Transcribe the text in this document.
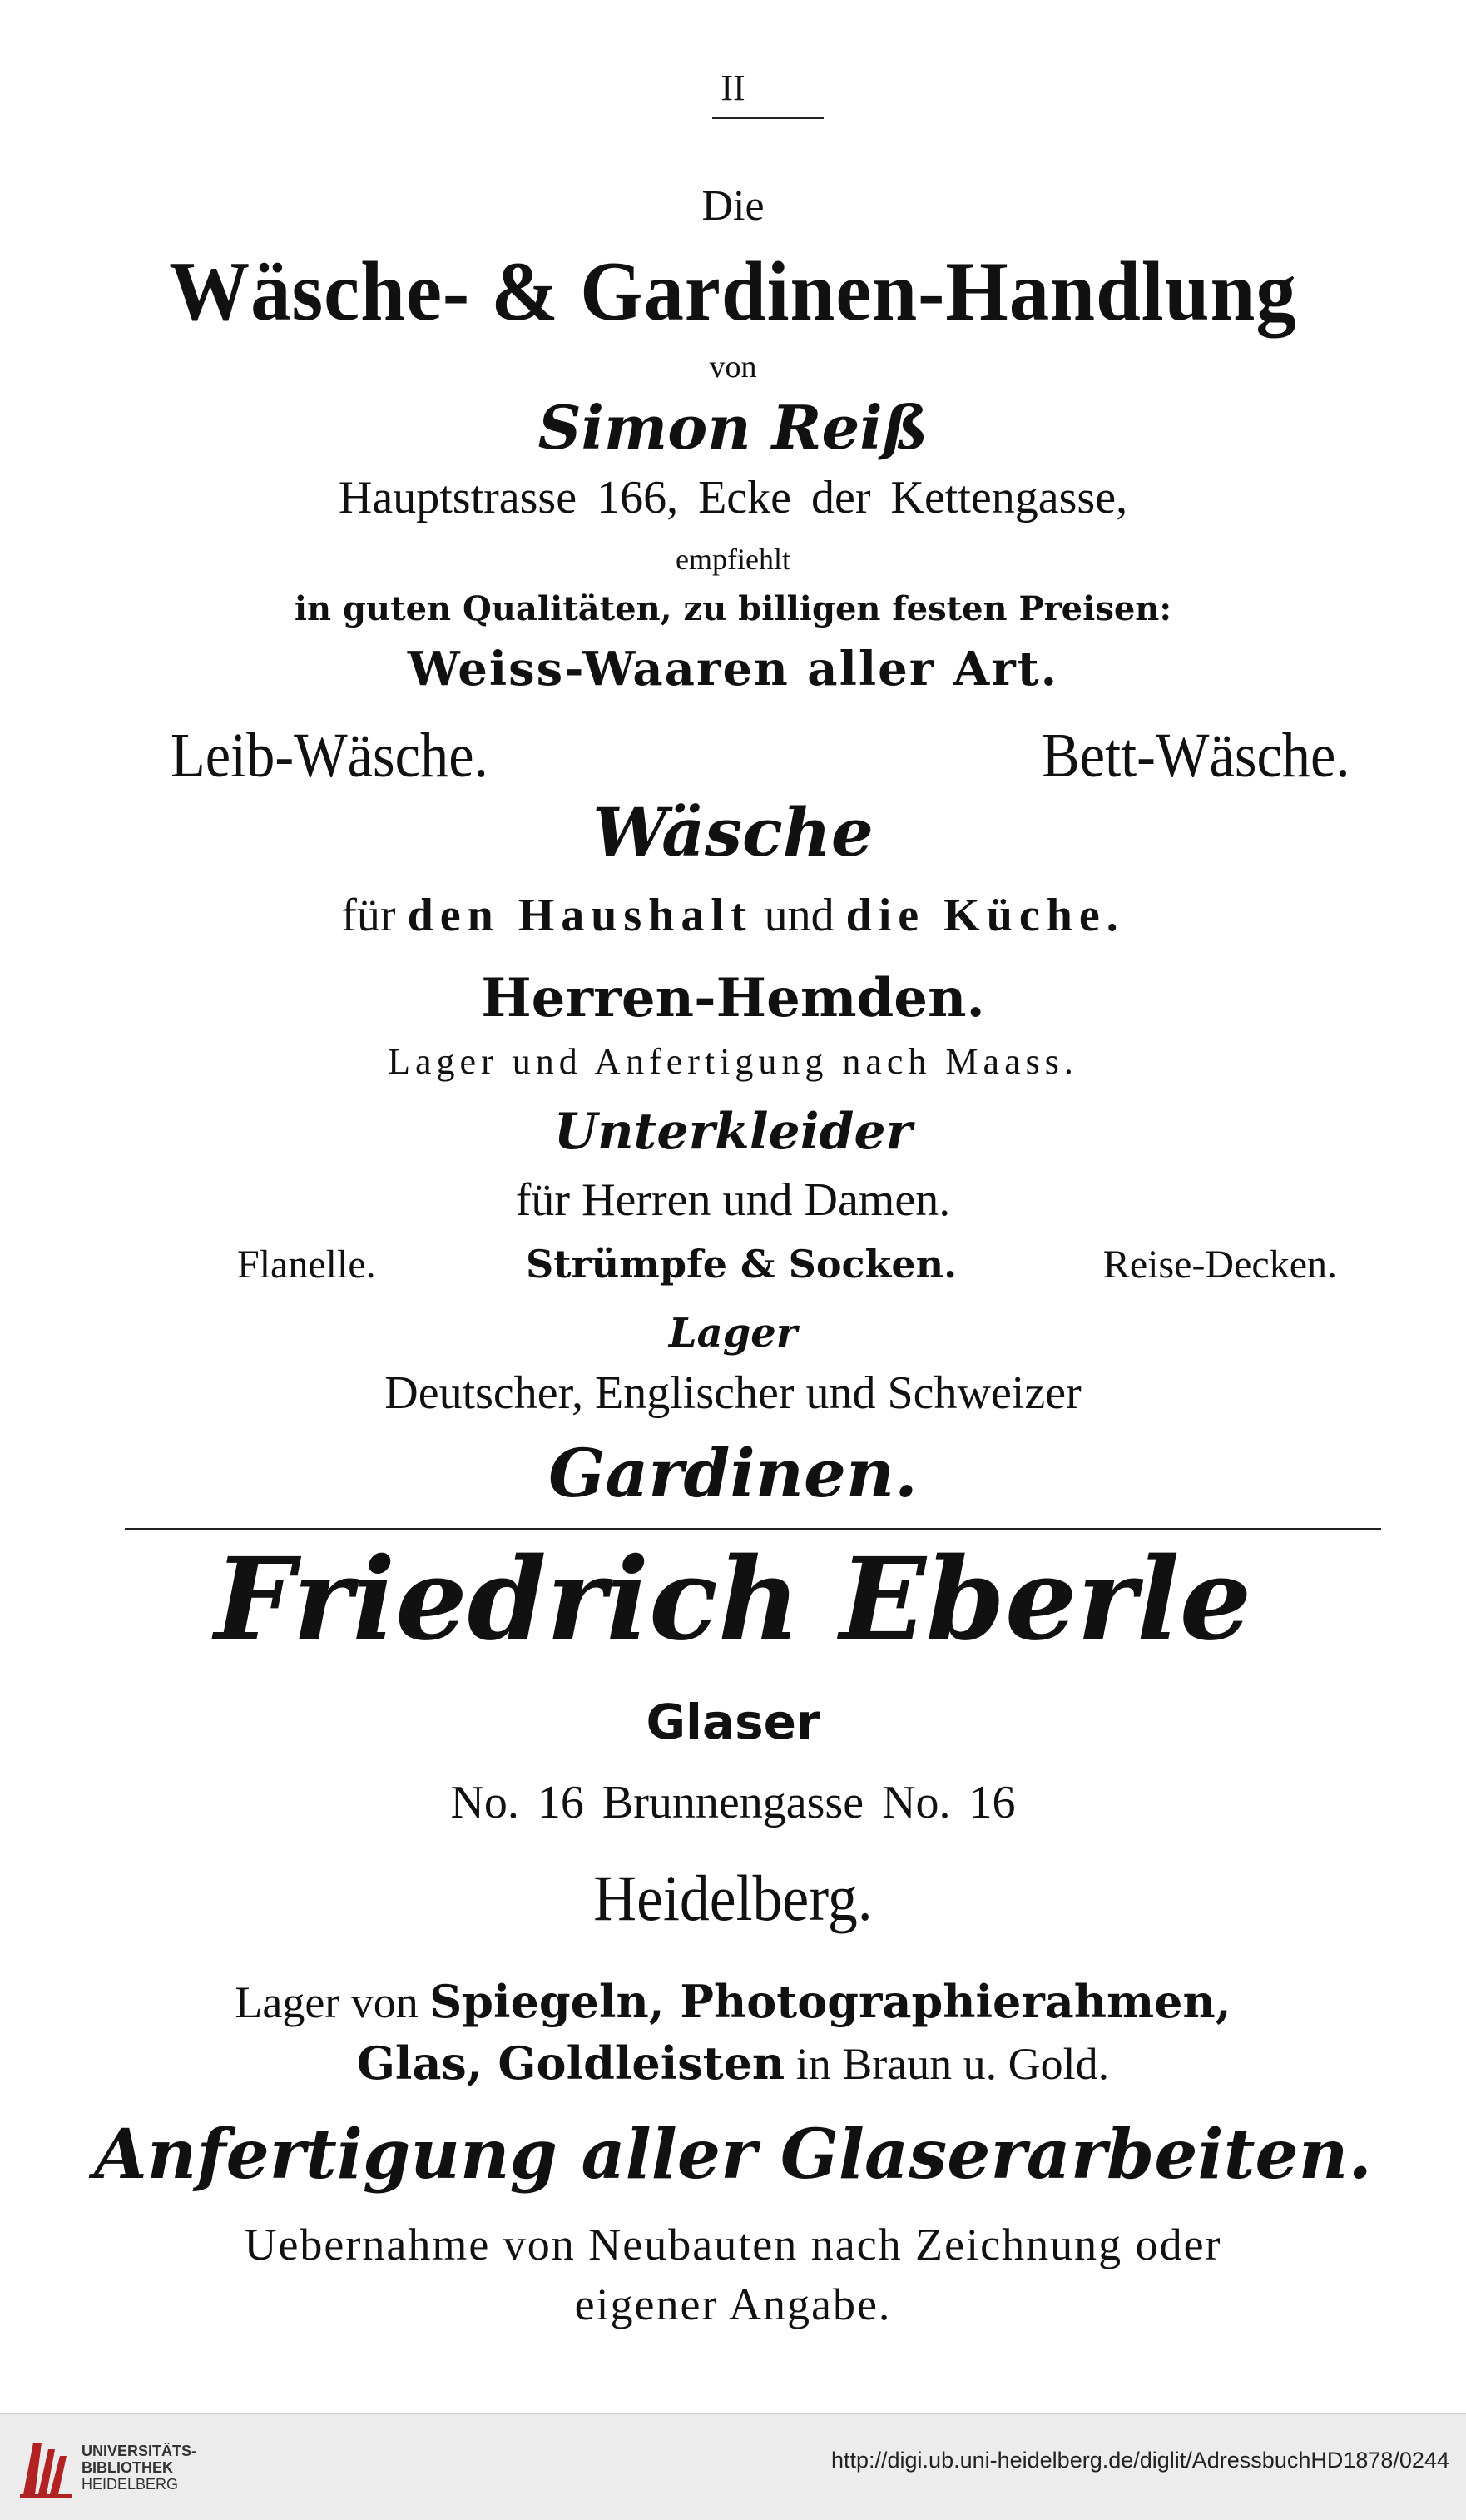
II
Die
Wäsche- & Gardinen-Handlung
von
Simon Reiß
Hauptstrasse 166, Ecke der Kettengasse,
empfiehlt
in guten Qualitäten, zu billigen festen Preisen:
Weiss-Waaren aller Art.
Leib-Wäsche.	Bett-Wäsche.
Wäsche
für den Haushalt und die Küche.
Herren-Hemden.
Lager und Anfertigung nach Maass.
Unterkleider
für Herren und Damen.
Flanelle.	Strümpfe & Socken.	Reise-Decken.
Lager
Deutscher, Englischer und Schweizer
Gardinen.
Friedrich Eberle
Glaser
No. 16 Brunnengasse No. 16
Heidelberg.
Lager von Spiegeln, Photographierahmen,
Glas, Goldleisten in Braun u. Gold.
Anfertigung aller Glaserarbeiten.
Uebernahme von Neubauten nach Zeichnung oder
eigener Angabe.
UNIVERSITÄTS-
BIBLIOTHEK
HEIDELBERG
http://digi.ub.uni-heidelberg.de/diglit/AdressbuchHD1878/0244
